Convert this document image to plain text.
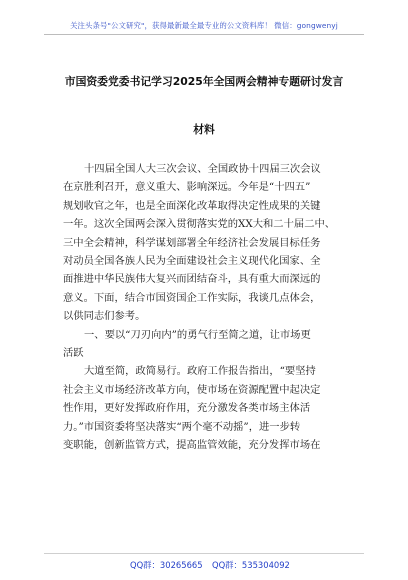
关注头条号"公文研究"，获得最新最全最专业的公文资料库！ 微信：gongwenyj
市国资委党委书记学习2025年全国两会精神专题研讨发言
材料

十四届全国人大三次会议、全国政协十四届三次会议
在京胜利召开，意义重大、影响深远。今年是“十四五”
规划收官之年，也是全面深化改革取得决定性成果的关键
一年。这次全国两会深入贯彻落实党的XX大和二十届二中、
三中全会精神，科学谋划部署全年经济社会发展目标任务
对动员全国各族人民为全面建设社会主义现代化国家、全
面推进中华民族伟大复兴而团结奋斗，具有重大而深远的
意义。下面，结合市国资国企工作实际，我谈几点体会，
以供同志们参考。

一、要以“刀刃向内”的勇气行至简之道，让市场更
活跃

大道至简，政简易行。政府工作报告指出，“要坚持
社会主义市场经济改革方向，使市场在资源配置中起决定
性作用，更好发挥政府作用，充分激发各类市场主体活
力。”市国资委将坚决落实“两个毫不动摇”，进一步转
变职能，创新监管方式，提高监管效能，充分发挥市场在

QQ群：30265665 QQ群：535304092
